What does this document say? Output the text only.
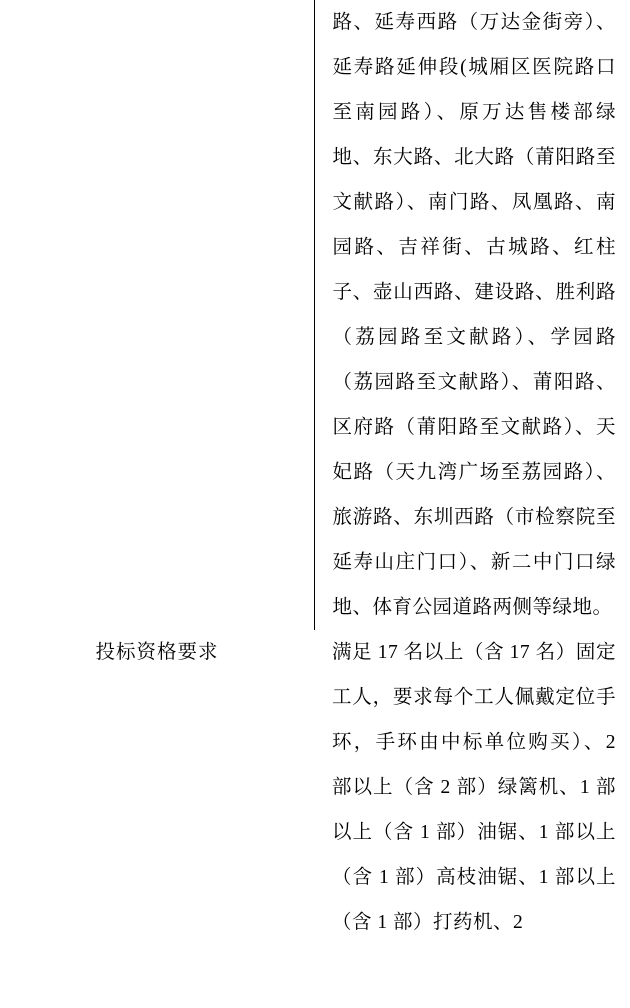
	路、延寿西路（万达金街旁）、延寿路延伸段(城厢区医院路口至南园路）、原万达售楼部绿地、东大路、北大路（莆阳路至文献路）、南门路、凤凰路、南园路、吉祥街、古城路、红柱子、壶山西路、建设路、胜利路（荔园路至文献路）、学园路（荔园路至文献路）、莆阳路、区府路（莆阳路至文献路）、天妃路（天九湾广场至荔园路）、旅游路、东圳西路（市检察院至延寿山庄门口）、新二中门口绿地、体育公园道路两侧等绿地。

投标资格要求	满足 17 名以上（含 17 名）固定工人，要求每个工人佩戴定位手环，手环由中标单位购买）、2 部以上（含 2 部）绿篱机、1 部以上（含 1 部）油锯、1 部以上（含 1 部）高枝油锯、1 部以上（含 1 部）打药机、2
